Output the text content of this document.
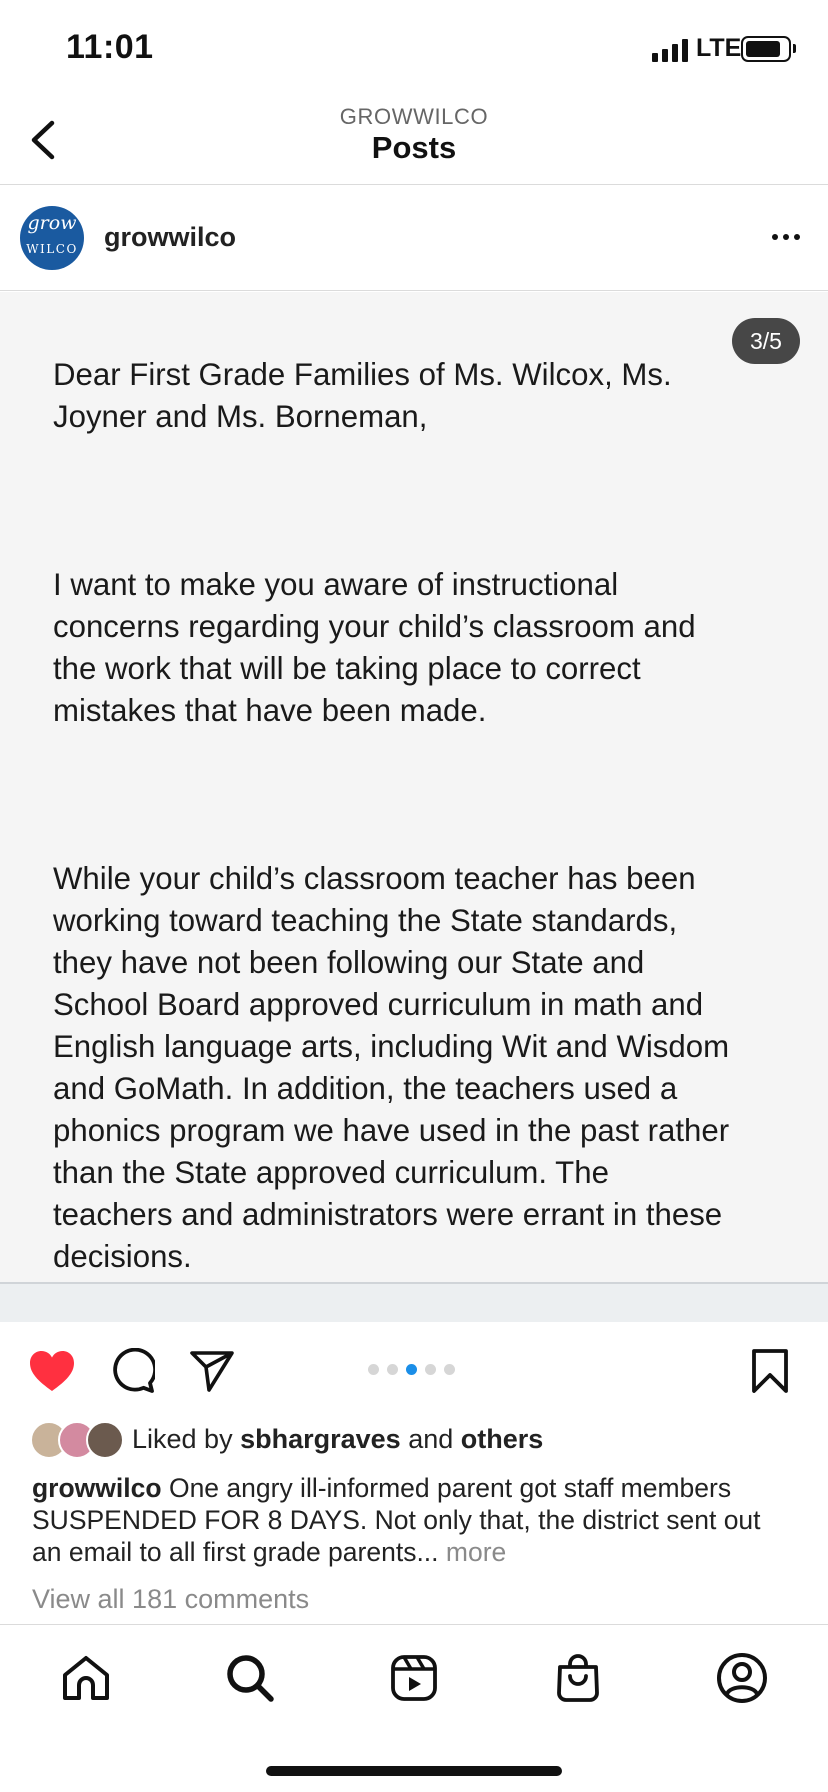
11:01	LTE
GROWWILCO
Posts
grow
WILCO growwilco

Dear First Grade Families of Ms. Wilcox, Ms.
Joyner and Ms. Borneman,

I want to make you aware of instructional
concerns regarding your child’s classroom and
the work that will be taking place to correct
mistakes that have been made.

While your child’s classroom teacher has been
working toward teaching the State standards,
they have not been following our State and
School Board approved curriculum in math and
English language arts, including Wit and Wisdom
and GoMath. In addition, the teachers used a
phonics program we have used in the past rather
than the State approved curriculum. The
teachers and administrators were errant in these
decisions.

3/5
Liked by sbhargraves and others
growwilco One angry ill-informed parent got staff members SUSPENDED FOR 8 DAYS. Not only that, the district sent out an email to all first grade parents... more
View all 181 comments
